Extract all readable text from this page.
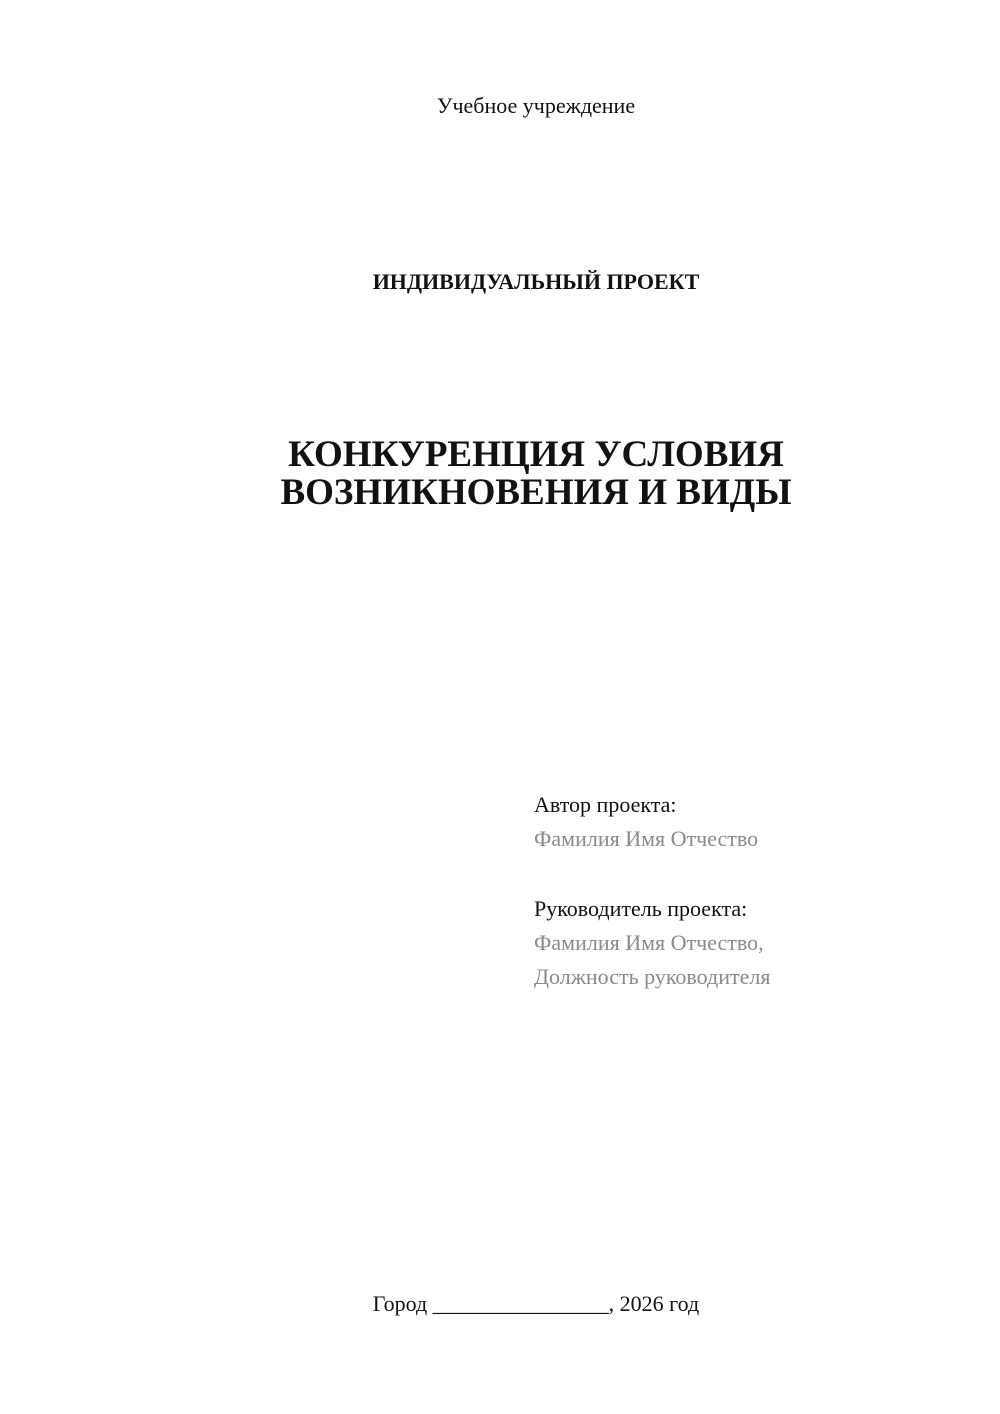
Учебное учреждение
ИНДИВИДУАЛЬНЫЙ ПРОЕКТ
КОНКУРЕНЦИЯ УСЛОВИЯ
ВОЗНИКНОВЕНИЯ И ВИДЫ
Автор проекта:
Фамилия Имя Отчество
Руководитель проекта:
Фамилия Имя Отчество,
Должность руководителя
Город ________________, 2026 год
